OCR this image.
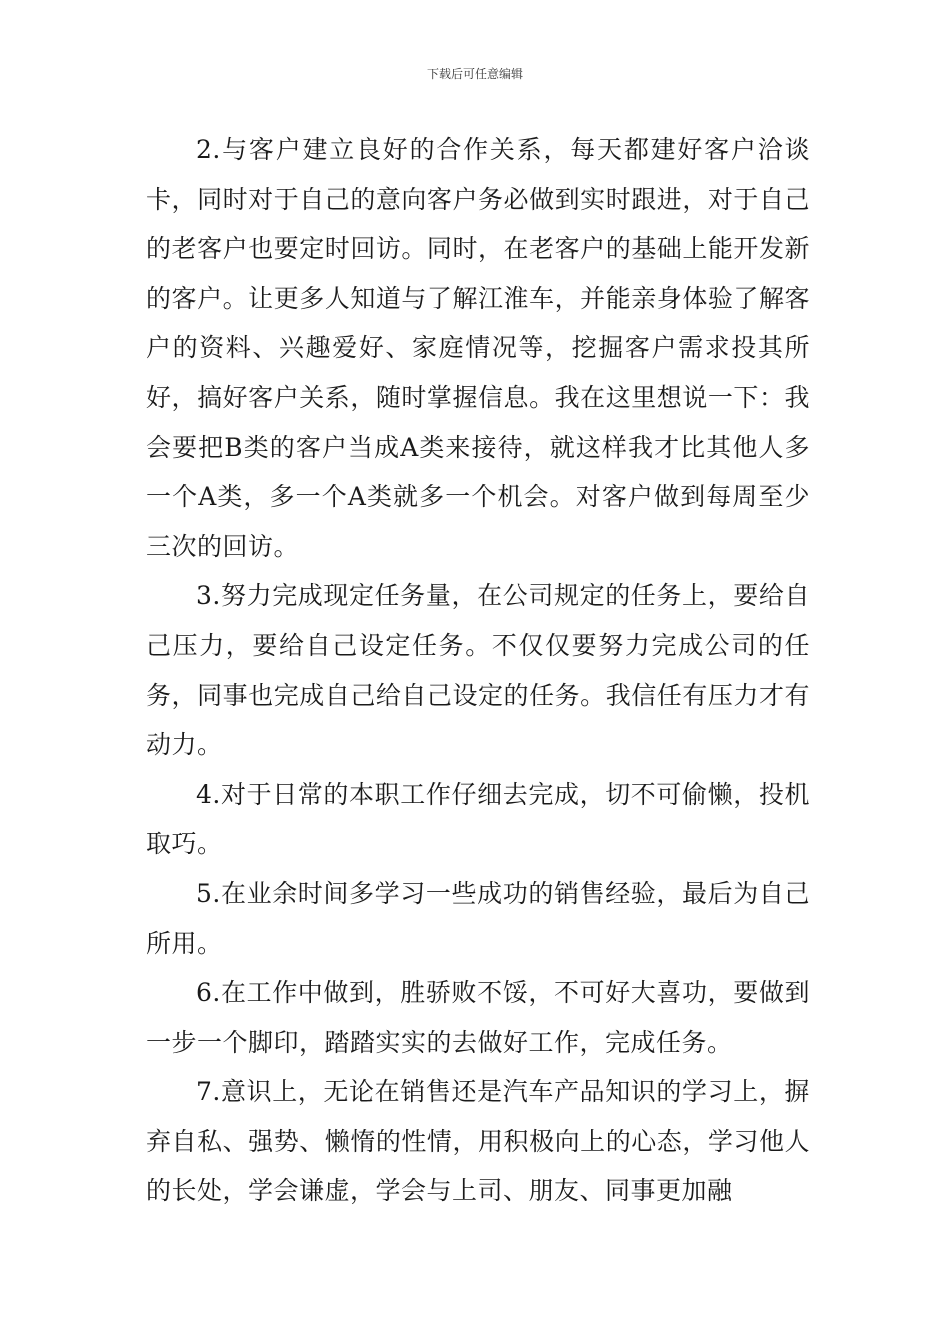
下载后可任意编辑

2.与客户建立良好的合作关系，每天都建好客户洽谈卡，同时对于自己的意向客户务必做到实时跟进，对于自己的老客户也要定时回访。同时，在老客户的基础上能开发新的客户。让更多人知道与了解江淮车，并能亲身体验了解客户的资料、兴趣爱好、家庭情况等，挖掘客户需求投其所好，搞好客户关系，随时掌握信息。我在这里想说一下：我会要把B类的客户当成A类来接待，就这样我才比其他人多一个A类，多一个A类就多一个机会。对客户做到每周至少三次的回访。

3.努力完成现定任务量，在公司规定的任务上，要给自己压力，要给自己设定任务。不仅仅要努力完成公司的任务，同事也完成自己给自己设定的任务。我信任有压力才有动力。

4.对于日常的本职工作仔细去完成，切不可偷懒，投机取巧。

5.在业余时间多学习一些成功的销售经验，最后为自己所用。

6.在工作中做到，胜骄败不馁，不可好大喜功，要做到一步一个脚印，踏踏实实的去做好工作，完成任务。

7.意识上，无论在销售还是汽车产品知识的学习上，摒弃自私、强势、懒惰的性情，用积极向上的心态，学习他人的长处，学会谦虚，学会与上司、朋友、同事更加融
